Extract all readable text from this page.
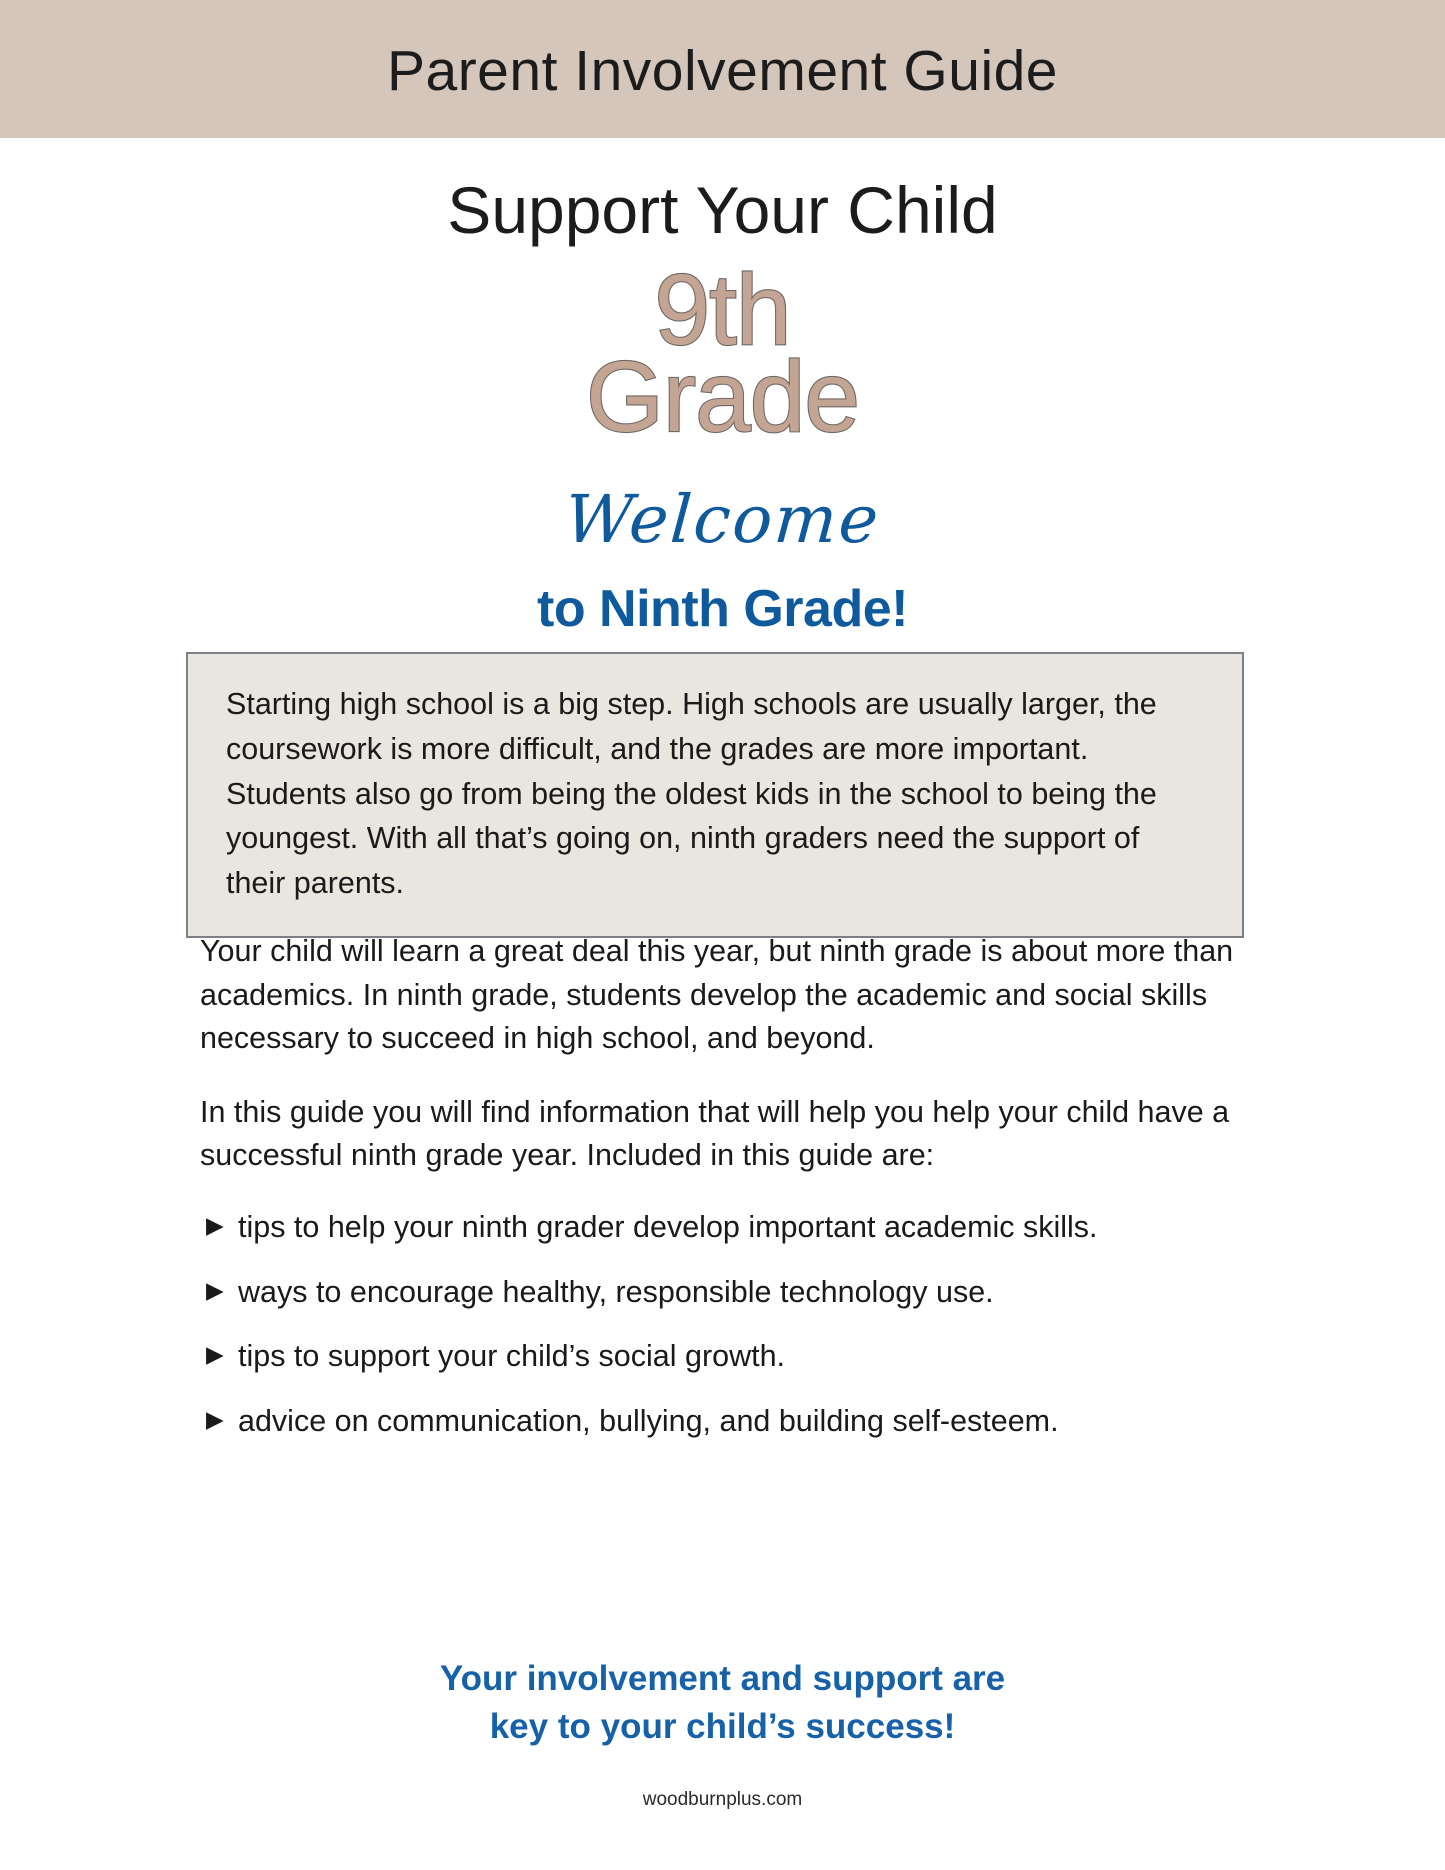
Parent Involvement Guide
Support Your Child
9th
Grade
Welcome
to Ninth Grade!

Starting high school is a big step. High schools are usually larger, the coursework is more difficult, and the grades are more important. Students also go from being the oldest kids in the school to being the youngest. With all that’s going on, ninth graders need the support of their parents.

Your child will learn a great deal this year, but ninth grade is about more than academics. In ninth grade, students develop the academic and social skills necessary to succeed in high school, and beyond.

In this guide you will find information that will help you help your child have a successful ninth grade year. Included in this guide are:

▶ tips to help your ninth grader develop important academic skills.
▶ ways to encourage healthy, responsible technology use.
▶ tips to support your child’s social growth.
▶ advice on communication, bullying, and building self-esteem.
Your involvement and support are
key to your child’s success!
woodburnplus.com
